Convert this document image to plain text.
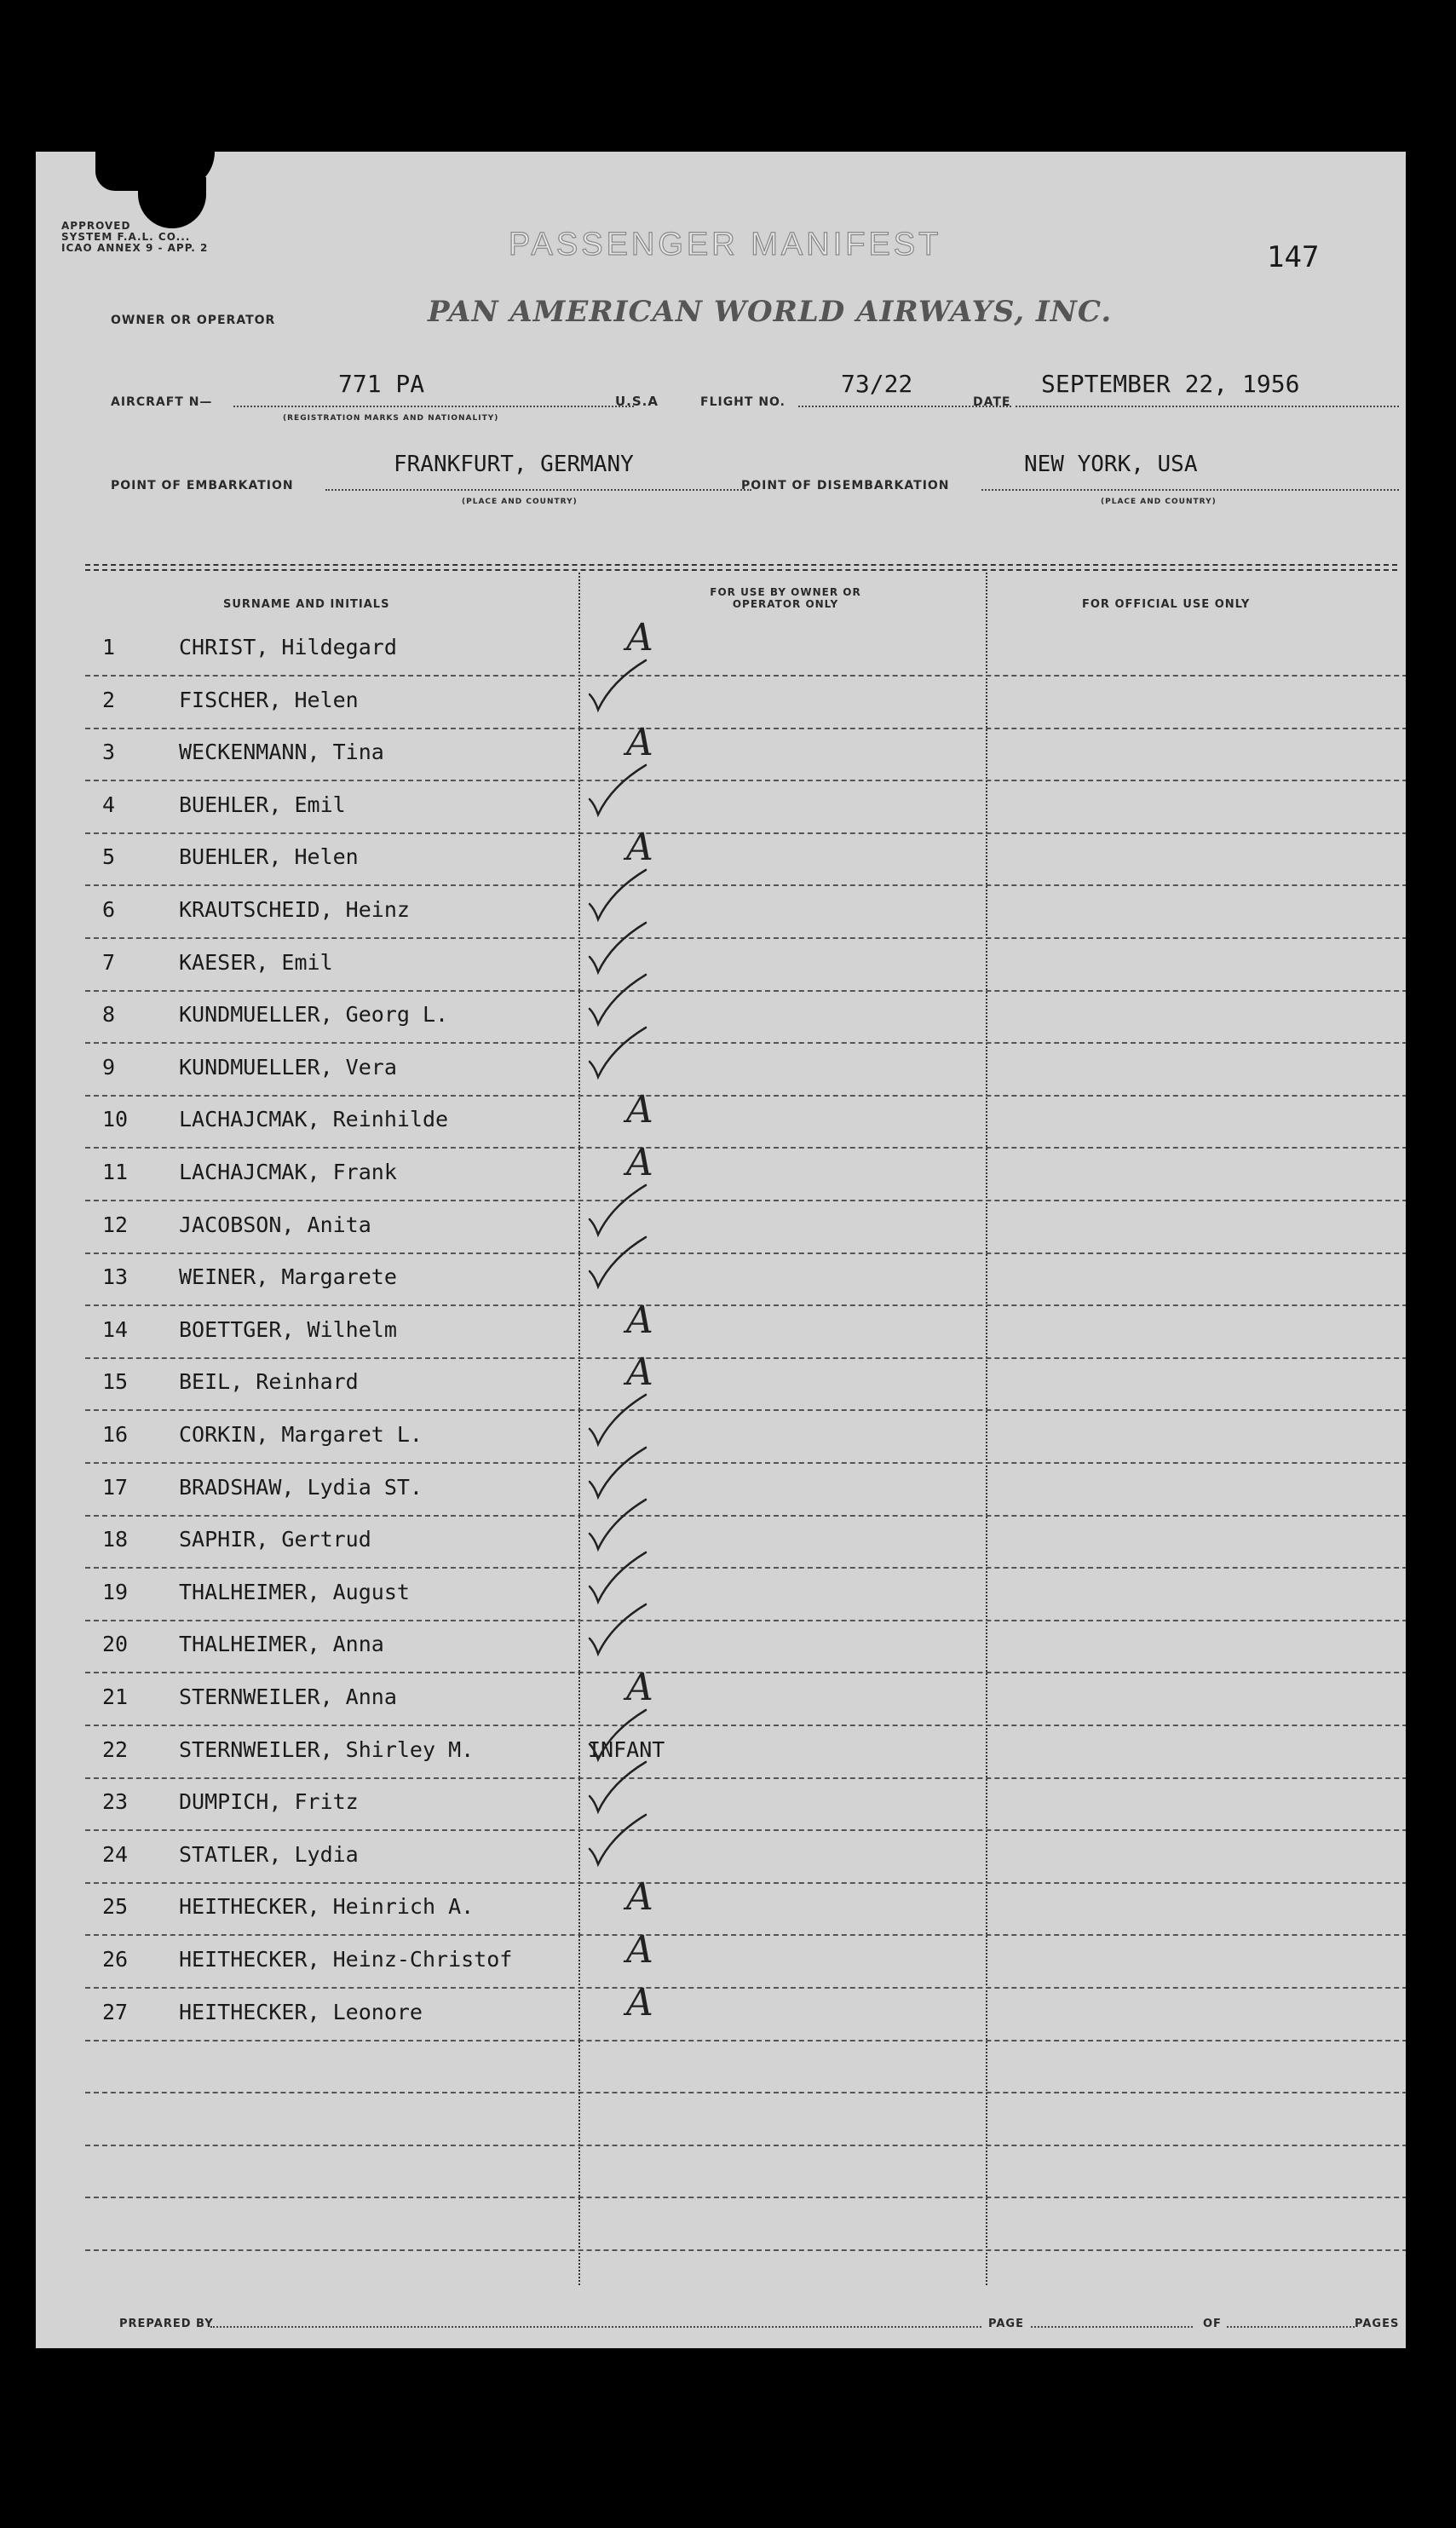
APPROVED
SYSTEM F.A.L. CO...
ICAO ANNEX 9 - APP. 2	PASSENGER MANIFEST	147
OWNER OR OPERATOR	PAN AMERICAN WORLD AIRWAYS, INC.
AIRCRAFT N—
771 PA
U.S.A
(REGISTRATION MARKS AND NATIONALITY)
FLIGHT NO.
73/22
DATE
SEPTEMBER 22, 1956
POINT OF EMBARKATION
FRANKFURT, GERMANY
(PLACE AND COUNTRY)
POINT OF DISEMBARKATION
NEW YORK, USA
(PLACE AND COUNTRY)
SURNAME AND INITIALS
FOR USE BY OWNER OR OPERATOR ONLY	FOR OFFICIAL USE ONLY
1	CHRIST, Hildegard	A
2	FISCHER, Helen
3	WECKENMANN, Tina	A
4	BUEHLER, Emil
5	BUEHLER, Helen	A
6	KRAUTSCHEID, Heinz
7	KAESER, Emil
8	KUNDMUELLER, Georg L.
9	KUNDMUELLER, Vera
10	LACHAJCMAK, Reinhilde	A
11	LACHAJCMAK, Frank	A
12	JACOBSON, Anita
13	WEINER, Margarete
14	BOETTGER, Wilhelm	A
15	BEIL, Reinhard	A
16	CORKIN, Margaret L.
17	BRADSHAW, Lydia ST.
18	SAPHIR, Gertrud
19	THALHEIMER, August
20	THALHEIMER, Anna
21	STERNWEILER, Anna	A
22	STERNWEILER, Shirley M.	INFANT
23	DUMPICH, Fritz
24	STATLER, Lydia
25	HEITHECKER, Heinrich A.	A
26	HEITHECKER, Heinz-Christof	A
27	HEITHECKER, Leonore	A
PREPARED BY	PAGE	OF	PAGES
